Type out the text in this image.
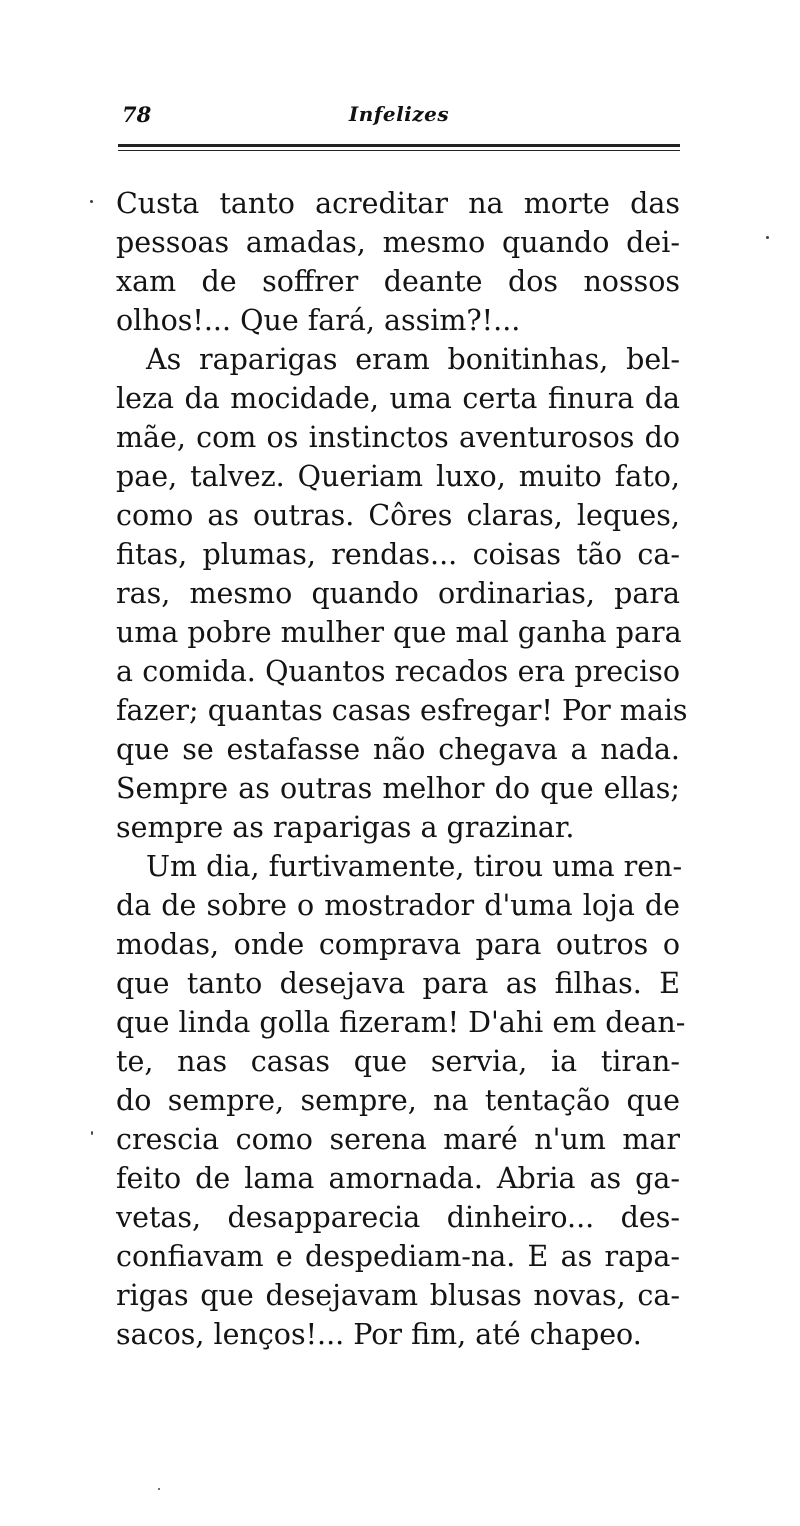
78	Infelizes
Custa tanto acreditar na morte das
pessoas amadas, mesmo quando dei-
xam de soffrer deante dos nossos
olhos!... Que fará, assim?!...
As raparigas eram bonitinhas, bel-
leza da mocidade, uma certa finura da
mãe, com os instinctos aventurosos do
pae, talvez. Queriam luxo, muito fato,
como as outras. Côres claras, leques,
fitas, plumas, rendas... coisas tão ca-
ras, mesmo quando ordinarias, para
uma pobre mulher que mal ganha para
a comida. Quantos recados era preciso
fazer; quantas casas esfregar! Por mais
que se estafasse não chegava a nada.
Sempre as outras melhor do que ellas;
sempre as raparigas a grazinar.
Um dia, furtivamente, tirou uma ren-
da de sobre o mostrador d'uma loja de
modas, onde comprava para outros o
que tanto desejava para as filhas. E
que linda golla fizeram! D'ahi em dean-
te, nas casas que servia, ia tiran-
do sempre, sempre, na tentação que
crescia como serena maré n'um mar
feito de lama amornada. Abria as ga-
vetas, desapparecia dinheiro... des-
confiavam e despediam-na. E as rapa-
rigas que desejavam blusas novas, ca-
sacos, lenços!... Por fim, até chapeo.
